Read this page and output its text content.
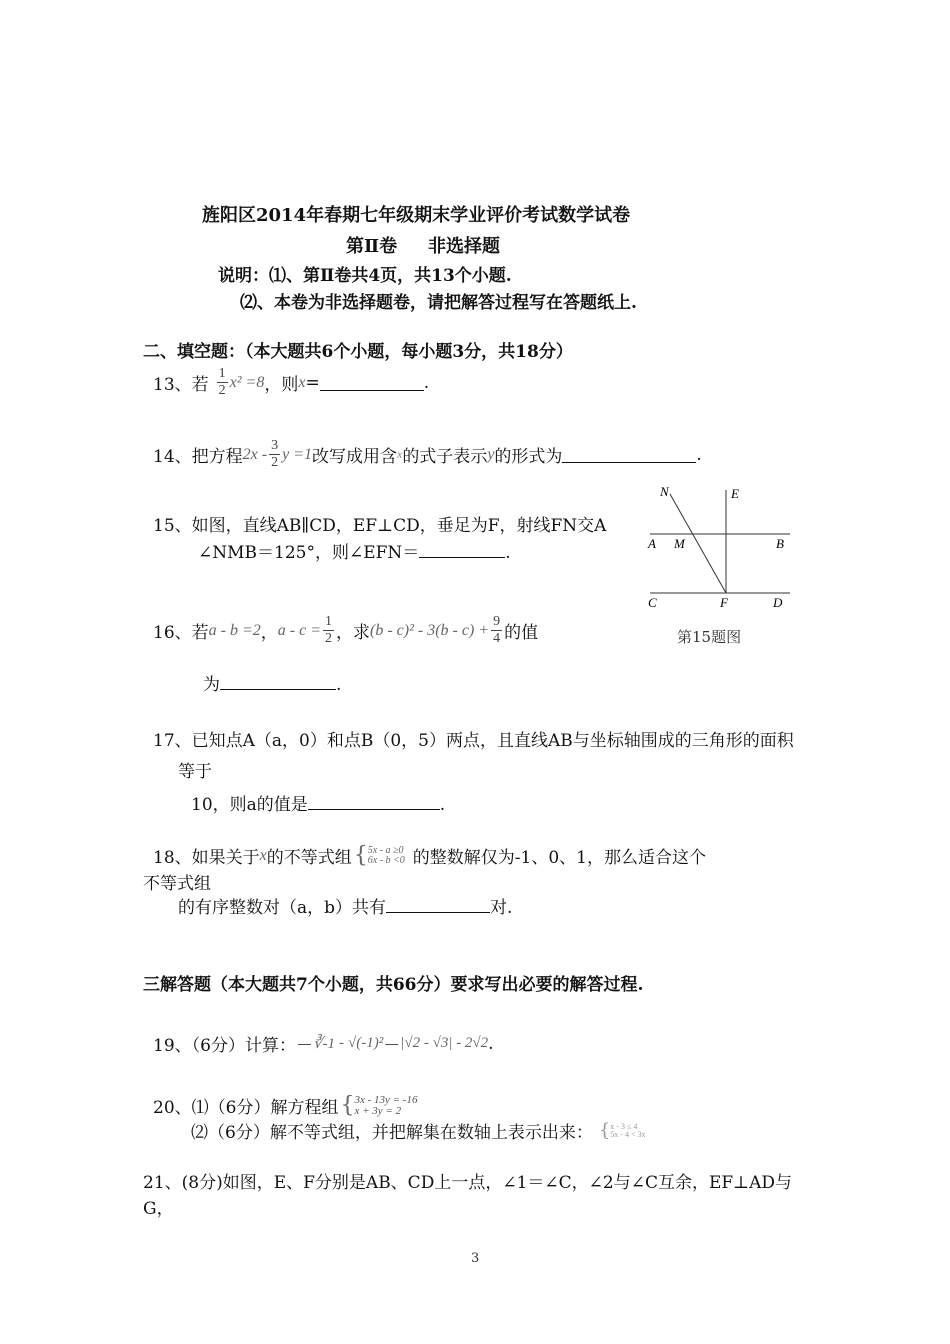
旌阳区2014年春期七年级期末学业评价考试数学试卷
第Ⅱ卷 非选择题
说明：⑴、第Ⅱ卷共4页，共13个小题.
⑵、本卷为非选择题卷，请把解答过程写在答题纸上.
二、填空题：（本大题共6个小题，每小题3分，共18分）
13、若 $\frac{1}{2} x^2 =8$ ，则 x =	.
14、把方程 $2x - \frac{3}{2}$ y =1 改写成用含 x 的式子表示 y 的形式为	.
15、如图，直线AB∥CD，EF⊥CD，垂足为F，射线FN交A
∠NMB＝125°，则∠EFN＝	.
N	E
A M	B
C	F	D
第15题图
16、若 a - b =2 ， $a - c = \frac{1}{2}$ ，求 $(b - c)^2 - 3(b - c) + \frac{9}{4}$ 的值
为	.
17、已知点A（a，0）和点B（0，5）两点，且直线AB与坐标轴围成的三角形的面积
等于
10，则a的值是	.
18、如果关于 x 的不等式组 { 5x - a ≥0
6x - b <0 的整数解仅为-1、0、1，那么适合这个
不等式组
的有序整数对（a，b）共有	对.
三解答题（本大题共7个小题，共66分）要求写出必要的解答过程.
19、（6分）计算：－ ∛-1 - √(-1)² － |√2 - √3| - 2√2 .
20、⑴（6分）解方程组 { 3x - 13y = -16
x + 3y = 2
⑵（6分）解不等式组，并把解集在数轴上表示出来： { x - 3 ≤ 4
5x - 4 < 3x
21、(8分)如图，E、F分别是AB、CD上一点，∠1＝∠C，∠2与∠C互余，EF⊥AD与
G，
3
